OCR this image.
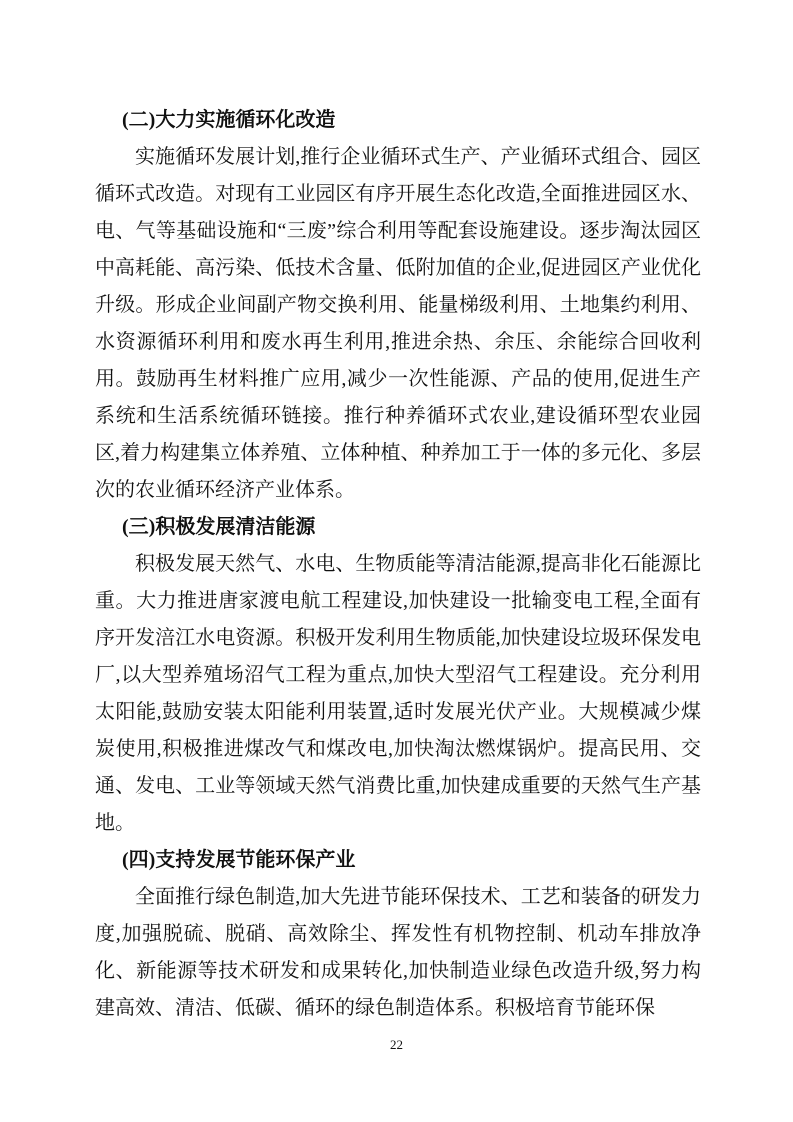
(二)大力实施循环化改造

实施循环发展计划,推行企业循环式生产、产业循环式组合、园区循环式改造。对现有工业园区有序开展生态化改造,全面推进园区水、电、气等基础设施和“三废”综合利用等配套设施建设。逐步淘汰园区中高耗能、高污染、低技术含量、低附加值的企业,促进园区产业优化升级。形成企业间副产物交换利用、能量梯级利用、土地集约利用、水资源循环利用和废水再生利用,推进余热、余压、余能综合回收利用。鼓励再生材料推广应用,减少一次性能源、产品的使用,促进生产系统和生活系统循环链接。推行种养循环式农业,建设循环型农业园区,着力构建集立体养殖、立体种植、种养加工于一体的多元化、多层次的农业循环经济产业体系。

(三)积极发展清洁能源

积极发展天然气、水电、生物质能等清洁能源,提高非化石能源比重。大力推进唐家渡电航工程建设,加快建设一批输变电工程,全面有序开发涪江水电资源。积极开发利用生物质能,加快建设垃圾环保发电厂,以大型养殖场沼气工程为重点,加快大型沼气工程建设。充分利用太阳能,鼓励安装太阳能利用装置,适时发展光伏产业。大规模减少煤炭使用,积极推进煤改气和煤改电,加快淘汰燃煤锅炉。提高民用、交通、发电、工业等领域天然气消费比重,加快建成重要的天然气生产基地。

(四)支持发展节能环保产业

全面推行绿色制造,加大先进节能环保技术、工艺和装备的研发力度,加强脱硫、脱硝、高效除尘、挥发性有机物控制、机动车排放净化、新能源等技术研发和成果转化,加快制造业绿色改造升级,努力构建高效、清洁、低碳、循环的绿色制造体系。积极培育节能环保

22
